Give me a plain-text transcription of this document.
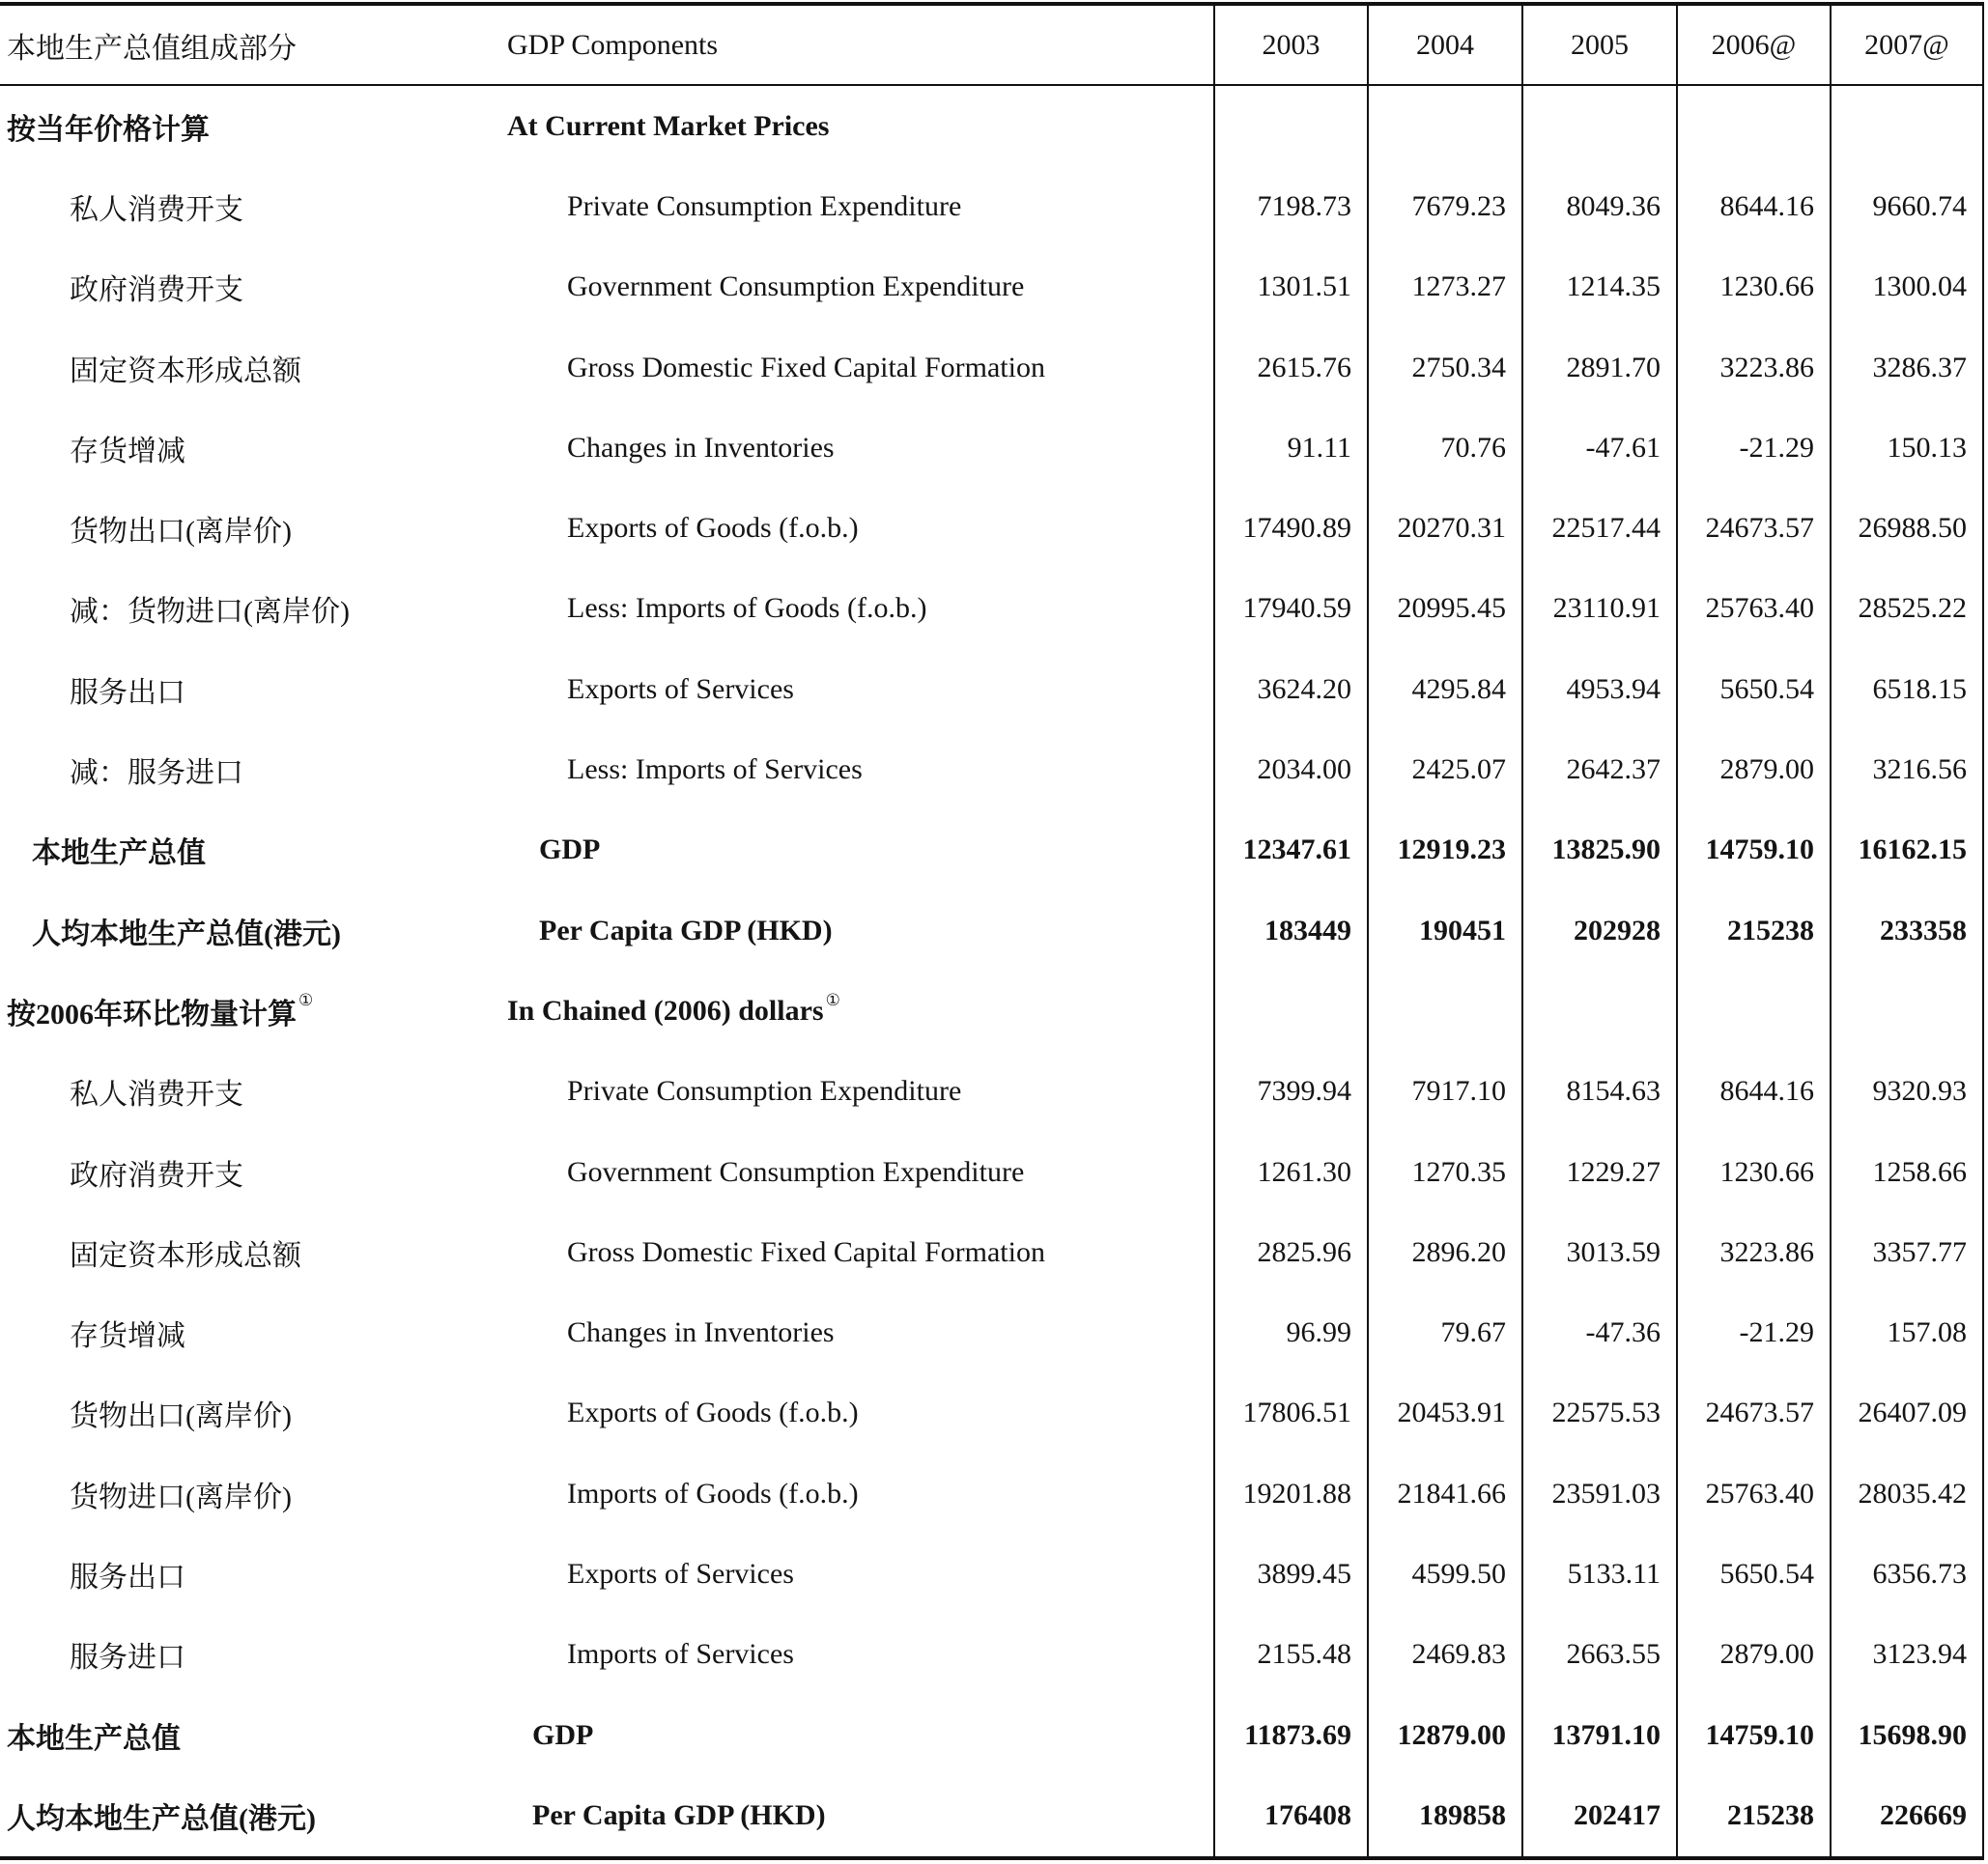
本地生产总值组成部分	GDP Components	2003	2004	2005	2006@	2007@
按当年价格计算	At Current Market Prices
私人消费开支	Private Consumption Expenditure	7198.73	7679.23	8049.36	8644.16	9660.74
政府消费开支	Government Consumption Expenditure	1301.51	1273.27	1214.35	1230.66	1300.04
固定资本形成总额	Gross Domestic Fixed Capital Formation	2615.76	2750.34	2891.70	3223.86	3286.37
存货增减	Changes in Inventories	91.11	70.76	-47.61	-21.29	150.13
货物出口(离岸价)	Exports of Goods (f.o.b.)	17490.89	20270.31	22517.44	24673.57	26988.50
减：货物进口(离岸价)	Less: Imports of Goods (f.o.b.)	17940.59	20995.45	23110.91	25763.40	28525.22
服务出口	Exports of Services	3624.20	4295.84	4953.94	5650.54	6518.15
减：服务进口	Less: Imports of Services	2034.00	2425.07	2642.37	2879.00	3216.56
本地生产总值	GDP	12347.61	12919.23	13825.90	14759.10	16162.15
人均本地生产总值(港元)	Per Capita GDP (HKD)	183449	190451	202928	215238	233358
按2006年环比物量计算①	In Chained (2006) dollars①
私人消费开支	Private Consumption Expenditure	7399.94	7917.10	8154.63	8644.16	9320.93
政府消费开支	Government Consumption Expenditure	1261.30	1270.35	1229.27	1230.66	1258.66
固定资本形成总额	Gross Domestic Fixed Capital Formation	2825.96	2896.20	3013.59	3223.86	3357.77
存货增减	Changes in Inventories	96.99	79.67	-47.36	-21.29	157.08
货物出口(离岸价)	Exports of Goods (f.o.b.)	17806.51	20453.91	22575.53	24673.57	26407.09
货物进口(离岸价)	Imports of Goods (f.o.b.)	19201.88	21841.66	23591.03	25763.40	28035.42
服务出口	Exports of Services	3899.45	4599.50	5133.11	5650.54	6356.73
服务进口	Imports of Services	2155.48	2469.83	2663.55	2879.00	3123.94
本地生产总值	GDP	11873.69	12879.00	13791.10	14759.10	15698.90
人均本地生产总值(港元)	Per Capita GDP (HKD)	176408	189858	202417	215238	226669
